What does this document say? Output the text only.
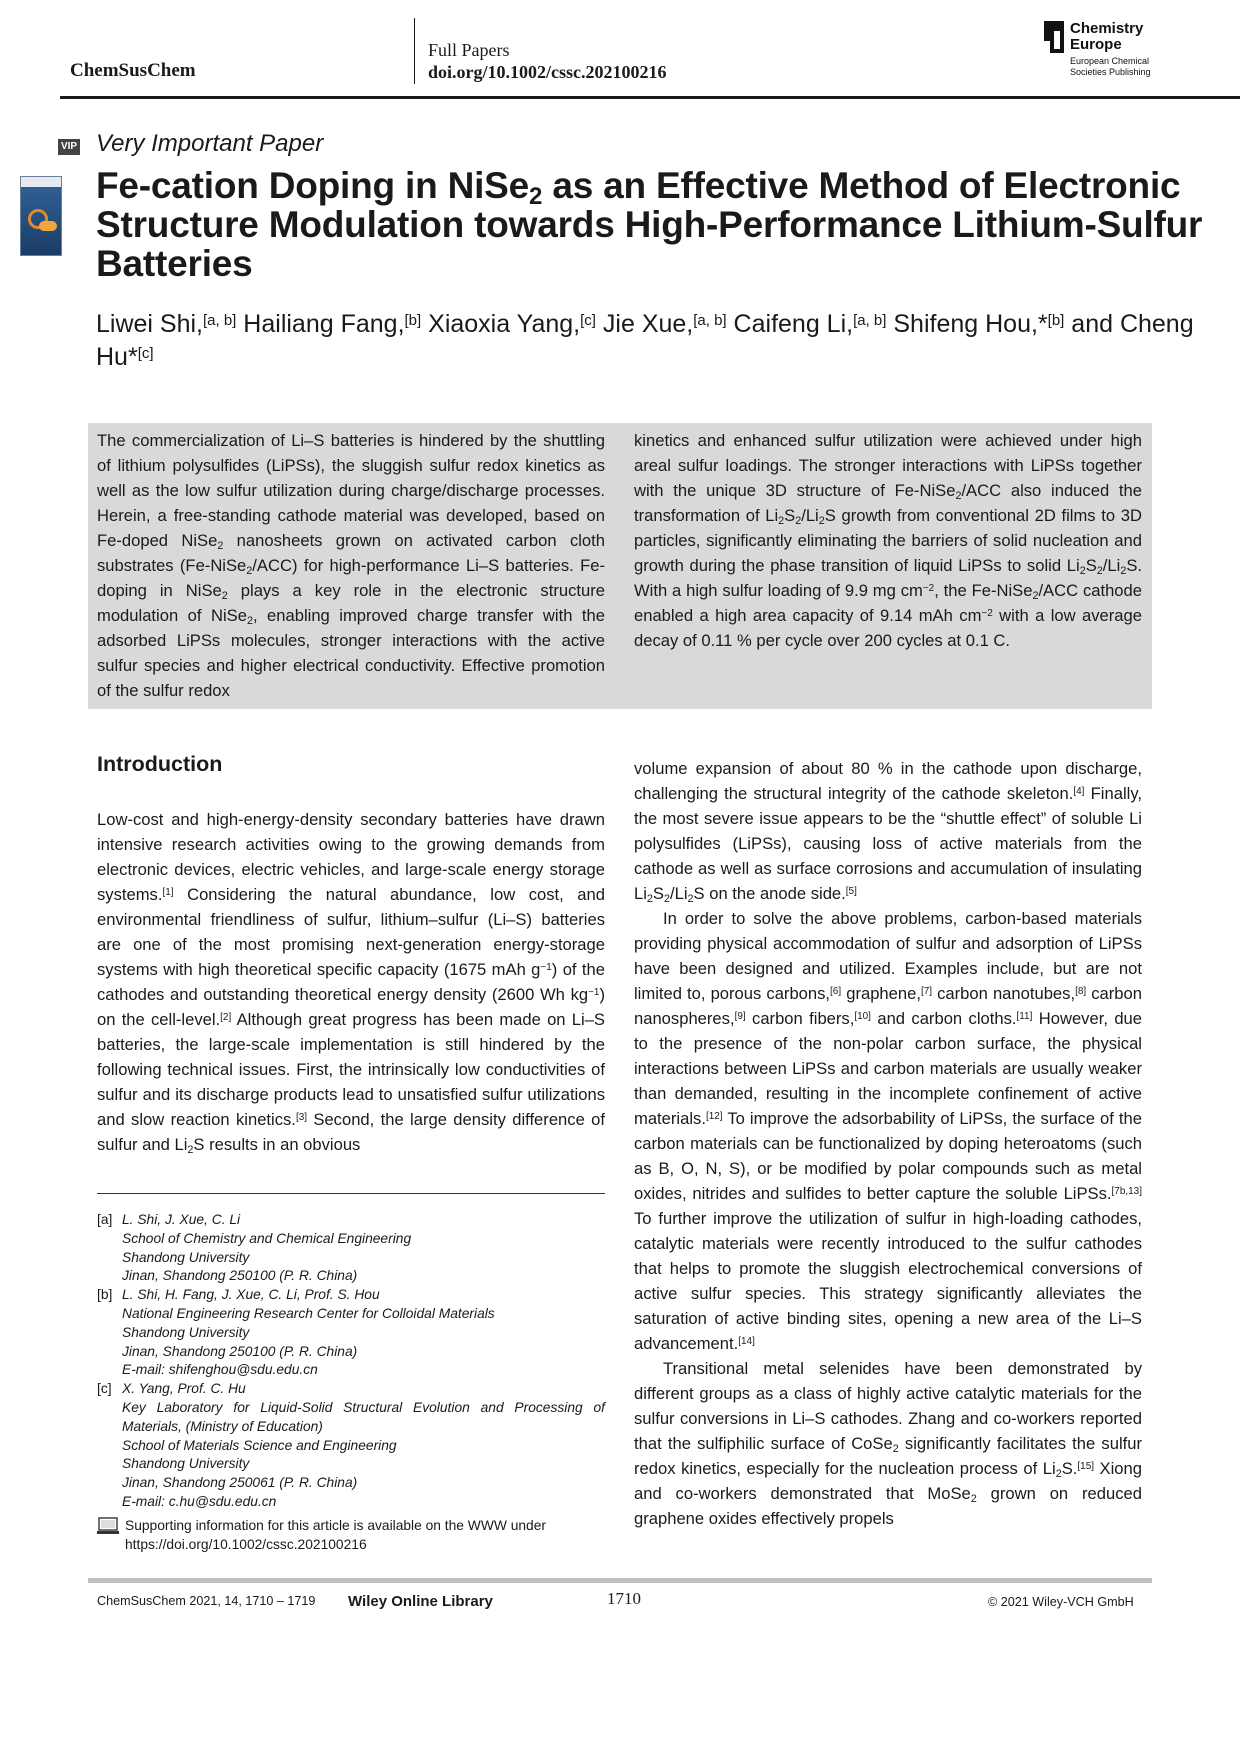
ChemSusChem
Full Papers
doi.org/10.1002/cssc.202100216
Chemistry
Europe
European Chemical
Societies Publishing
VIP Very Important Paper
Fe-cation Doping in NiSe$_2$ as an Effective Method of Electronic Structure Modulation towards High-Performance Lithium-Sulfur Batteries
Liwei Shi,[a, b] Hailiang Fang,[b] Xiaoxia Yang,[c] Jie Xue,[a, b] Caifeng Li,[a, b] Shifeng Hou,*[b] and Cheng Hu*[c]
The commercialization of Li–S batteries is hindered by the shuttling of lithium polysulfides (LiPSs), the sluggish sulfur redox kinetics as well as the low sulfur utilization during charge/discharge processes. Herein, a free-standing cathode material was developed, based on Fe-doped NiSe$_2$ nanosheets grown on activated carbon cloth substrates (Fe-NiSe$_2$/ACC) for high-performance Li–S batteries. Fe-doping in NiSe$_2$ plays a key role in the electronic structure modulation of NiSe$_2$, enabling improved charge transfer with the adsorbed LiPSs molecules, stronger interactions with the active sulfur species and higher electrical conductivity. Effective promotion of the sulfur redox
kinetics and enhanced sulfur utilization were achieved under high areal sulfur loadings. The stronger interactions with LiPSs together with the unique 3D structure of Fe-NiSe$_2$/ACC also induced the transformation of $Li_2S_2/Li_2S$ growth from conventional 2D films to 3D particles, significantly eliminating the barriers of solid nucleation and growth during the phase transition of liquid LiPSs to solid $Li_2S_2/Li_2S$. With a high sulfur loading of 9.9 mg $cm^{-2}$, the Fe-NiSe$_2$/ACC cathode enabled a high area capacity of 9.14 mAh $cm^{-2}$ with a low average decay of 0.11 % per cycle over 200 cycles at 0.1 C.
Introduction

Low-cost and high-energy-density secondary batteries have drawn intensive research activities owing to the growing demands from electronic devices, electric vehicles, and large-scale energy storage systems.[1] Considering the natural abundance, low cost, and environmental friendliness of sulfur, lithium–sulfur (Li–S) batteries are one of the most promising next-generation energy-storage systems with high theoretical specific capacity (1675 mAh $g^{-1}$) of the cathodes and outstanding theoretical energy density (2600 Wh $kg^{-1}$) on the cell-level.[2] Although great progress has been made on Li–S batteries, the large-scale implementation is still hindered by the following technical issues. First, the intrinsically low conductivities of sulfur and its discharge products lead to unsatisfied sulfur utilizations and slow reaction kinetics.[3] Second, the large density difference of sulfur and $Li_2S$ results in an obvious

volume expansion of about 80 % in the cathode upon discharge, challenging the structural integrity of the cathode skeleton.[4] Finally, the most severe issue appears to be the “shuttle effect” of soluble Li polysulfides (LiPSs), causing loss of active materials from the cathode as well as surface corrosions and accumulation of insulating $Li_2S_2/Li_2S$ on the anode side.[5]

In order to solve the above problems, carbon-based materials providing physical accommodation of sulfur and adsorption of LiPSs have been designed and utilized. Examples include, but are not limited to, porous carbons,[6] graphene,[7] carbon nanotubes,[8] carbon nanospheres,[9] carbon fibers,[10] and carbon cloths.[11] However, due to the presence of the non-polar carbon surface, the physical interactions between LiPSs and carbon materials are usually weaker than demanded, resulting in the incomplete confinement of active materials.[12] To improve the adsorbability of LiPSs, the surface of the carbon materials can be functionalized by doping heteroatoms (such as B, O, N, S), or be modified by polar compounds such as metal oxides, nitrides and sulfides to better capture the soluble LiPSs.[7b,13] To further improve the utilization of sulfur in high-loading cathodes, catalytic materials were recently introduced to the sulfur cathodes that helps to promote the sluggish electrochemical conversions of active sulfur species. This strategy significantly alleviates the saturation of active binding sites, opening a new area of the Li–S advancement.[14]

Transitional metal selenides have been demonstrated by different groups as a class of highly active catalytic materials for the sulfur conversions in Li–S cathodes. Zhang and co-workers reported that the sulfiphilic surface of CoSe$_2$ significantly facilitates the sulfur redox kinetics, especially for the nucleation process of $Li_2S.[15]$ Xiong and co-workers demonstrated that MoSe$_2$ grown on reduced graphene oxides effectively propels

[a] L. Shi, J. Xue, C. Li
School of Chemistry and Chemical Engineering
Shandong University
Jinan, Shandong 250100 (P. R. China)
[b] L. Shi, H. Fang, J. Xue, C. Li, Prof. S. Hou
National Engineering Research Center for Colloidal Materials
Shandong University
Jinan, Shandong 250100 (P. R. China)
E-mail: shifenghou@sdu.edu.cn
[c] X. Yang, Prof. C. Hu
Key Laboratory for Liquid-Solid Structural Evolution and Processing of Materials, (Ministry of Education)
School of Materials Science and Engineering
Shandong University
Jinan, Shandong 250061 (P. R. China)
E-mail: c.hu@sdu.edu.cn
Supporting information for this article is available on the WWW under https://doi.org/10.1002/cssc.202100216
ChemSusChem 2021, 14, 1710 – 1719 Wiley Online Library	1710	© 2021 Wiley-VCH GmbH
